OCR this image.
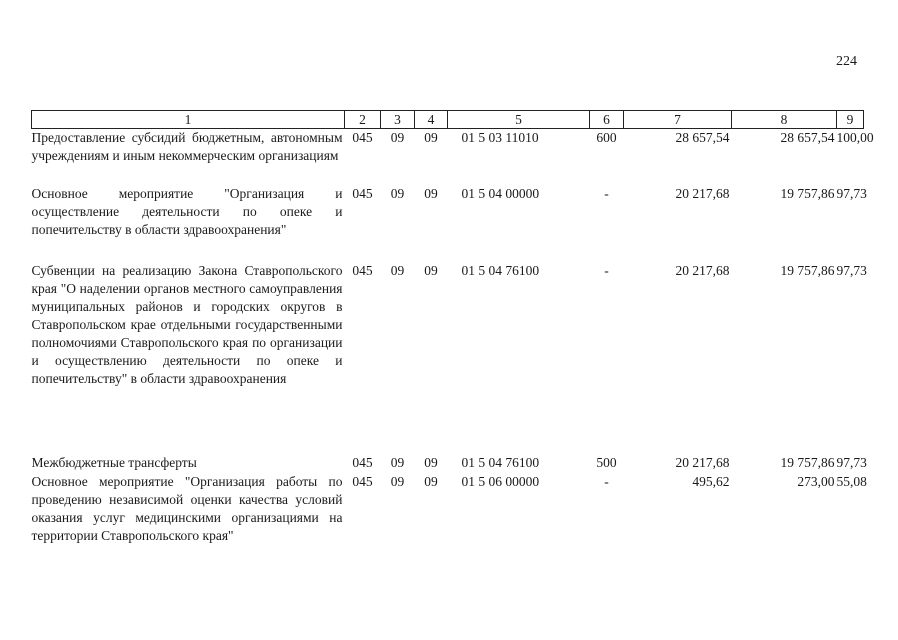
224
1	2	3	4	5	6	7	8	9
Предоставление субсидий бюджетным, автономным учреждениям и иным некоммерческим организациям	045	09	09	01 5 03 11010	600	28 657,54	28 657,54	100,00
Основное мероприятие "Организация и осуществление деятельности по опеке и попечительству в области здравоохранения"	045	09	09	01 5 04 00000	-	20 217,68	19 757,86	97,73
Субвенции на реализацию Закона Ставропольского края "О наделении органов местного самоуправления муниципальных районов и городских округов в Ставропольском крае отдельными государственными полномочиями Ставропольского края по организации и осуществлению деятельности по опеке и попечительству" в области здравоохранения	045	09	09	01 5 04 76100	-	20 217,68	19 757,86	97,73
Межбюджетные трансферты	045	09	09	01 5 04 76100	500	20 217,68	19 757,86	97,73
Основное мероприятие "Организация работы по проведению независимой оценки качества условий оказания услуг медицинскими организациями на территории Ставропольского края"	045	09	09	01 5 06 00000	-	495,62	273,00	55,08
